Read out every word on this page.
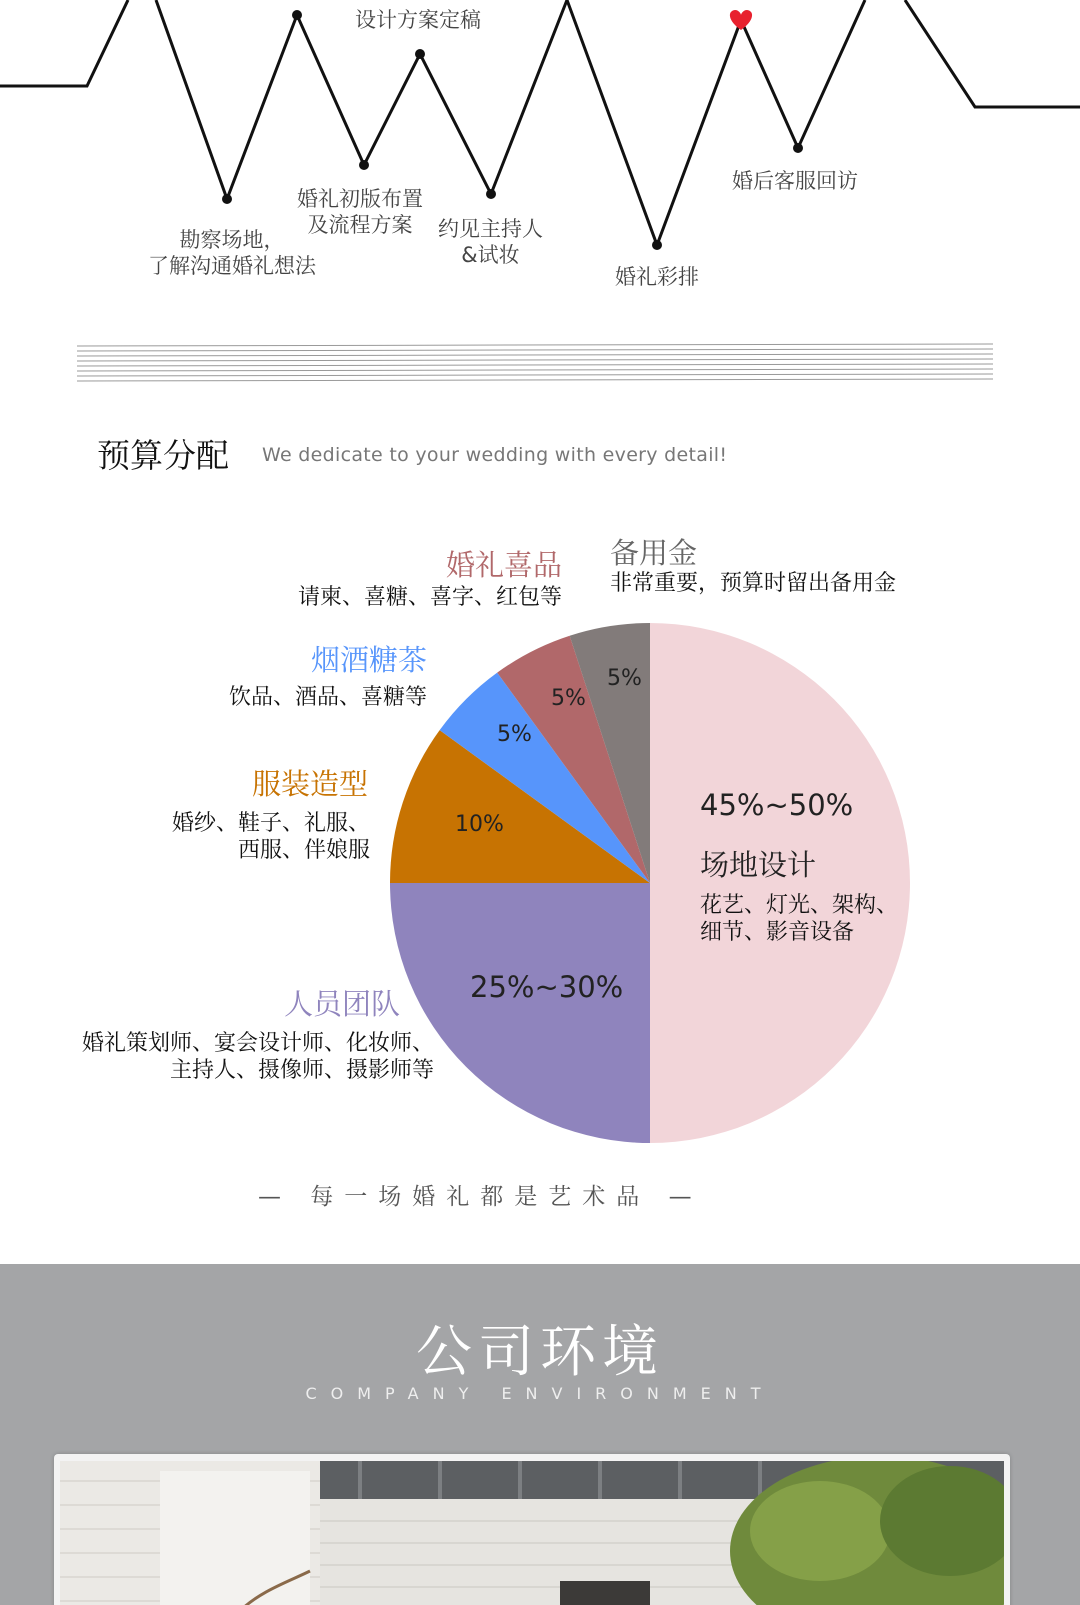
设计方案定稿
勘察场地，
了解沟通婚礼想法
婚礼初版布置
及流程方案	约见主持人
&试妆
婚礼彩排
婚后客服回访
预算分配 We dedicate to your wedding with every detail!
45%~50%
25%~30%
10%
5%
5%
5%
场地设计
花艺、灯光、架构、
细节、影音设备
人员团队
婚礼策划师、宴会设计师、化妆师、
主持人、摄像师、摄影师等
服装造型
婚纱、鞋子、礼服、
西服、伴娘服
烟酒糖茶
饮品、酒品、喜糖等
婚礼喜品
请柬、喜糖、喜字、红包等
备用金
非常重要，预算时留出备用金
— 每一场婚礼都是艺术品 —
公司环境
COMPANY ENVIRONMENT
